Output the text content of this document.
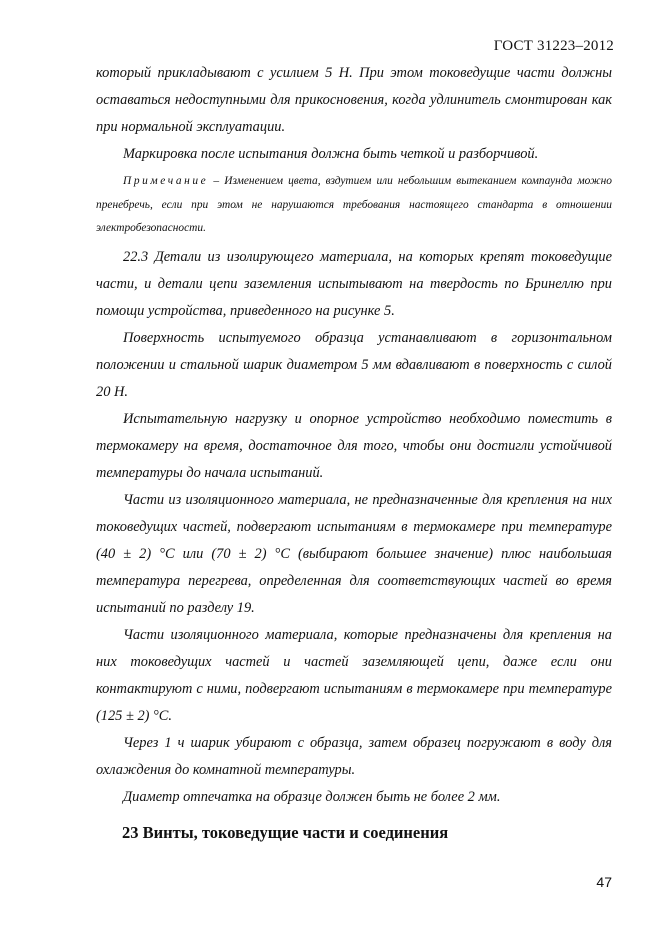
ГОСТ 31223–2012

который прикладывают с усилием 5 Н. При этом токоведущие части должны оставаться недоступными для прикосновения, когда удлинитель смонтирован как при нормальной эксплуатации.

Маркировка после испытания должна быть четкой и разборчивой.

Примечание – Изменением цвета, вздутием или небольшим вытеканием компаунда можно пренебречь, если при этом не нарушаются требования настоящего стандарта в отношении электробезопасности.

22.3 Детали из изолирующего материала, на которых крепят токоведущие части, и детали цепи заземления испытывают на твердость по Бринеллю при помощи устройства, приведенного на рисунке 5.

Поверхность испытуемого образца устанавливают в горизонтальном положении и стальной шарик диаметром 5 мм вдавливают в поверхность с силой 20 Н.

Испытательную нагрузку и опорное устройство необходимо поместить в термокамеру на время, достаточное для того, чтобы они достигли устойчивой температуры до начала испытаний.

Части из изоляционного материала, не предназначенные для крепления на них токоведущих частей, подвергают испытаниям в термокамере при температуре (40 ± 2) °С или (70 ± 2) °С (выбирают большее значение) плюс наибольшая температура перегрева, определенная для соответствующих частей во время испытаний по разделу 19.

Части изоляционного материала, которые предназначены для крепления на них токоведущих частей и частей заземляющей цепи, даже если они контактируют с ними, подвергают испытаниям в термокамере при температуре (125 ± 2) °С.

Через 1 ч шарик убирают с образца, затем образец погружают в воду для охлаждения до комнатной температуры.

Диаметр отпечатка на образце должен быть не более 2 мм.

23 Винты, токоведущие части и соединения
47
